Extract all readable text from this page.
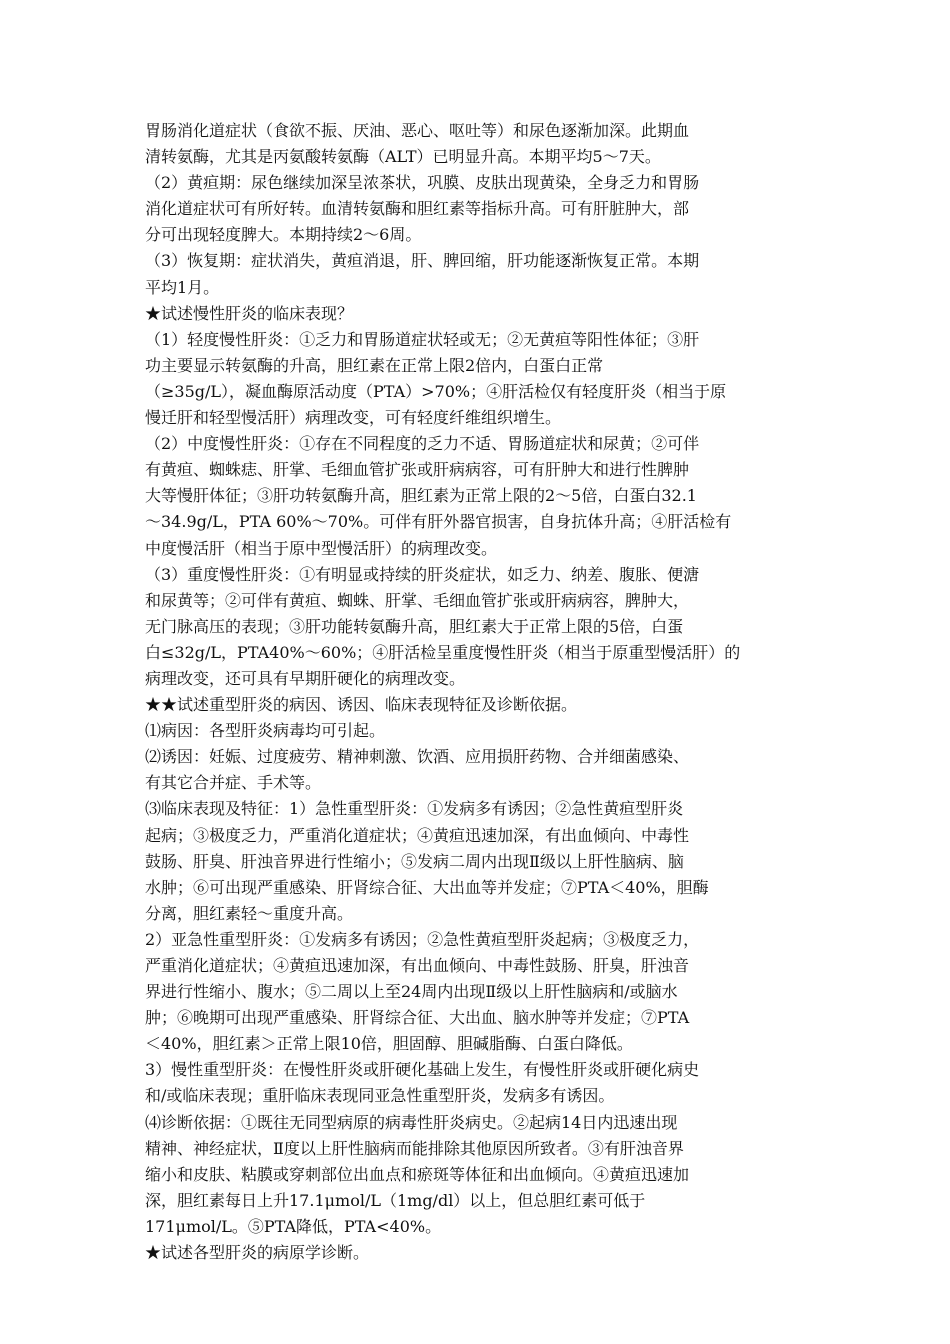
胃肠消化道症状（食欲不振、厌油、恶心、呕吐等）和尿色逐渐加深。此期血
清转氨酶，尤其是丙氨酸转氨酶（ALT）已明显升高。本期平均5～7天。
（2）黄疸期：尿色继续加深呈浓茶状，巩膜、皮肤出现黄染，全身乏力和胃肠
消化道症状可有所好转。血清转氨酶和胆红素等指标升高。可有肝脏肿大，部
分可出现轻度脾大。本期持续2～6周。
（3）恢复期：症状消失，黄疸消退，肝、脾回缩，肝功能逐渐恢复正常。本期
平均1月。
★试述慢性肝炎的临床表现？
（1）轻度慢性肝炎：①乏力和胃肠道症状轻或无；②无黄疸等阳性体征；③肝
功主要显示转氨酶的升高，胆红素在正常上限2倍内，白蛋白正常
（≥35g/L），凝血酶原活动度（PTA）>70%；④肝活检仅有轻度肝炎（相当于原
慢迁肝和轻型慢活肝）病理改变，可有轻度纤维组织增生。
（2）中度慢性肝炎：①存在不同程度的乏力不适、胃肠道症状和尿黄；②可伴
有黄疸、蜘蛛痣、肝掌、毛细血管扩张或肝病病容，可有肝肿大和进行性脾肿
大等慢肝体征；③肝功转氨酶升高，胆红素为正常上限的2～5倍，白蛋白32.1
～34.9g/L，PTA 60%～70%。可伴有肝外器官损害，自身抗体升高；④肝活检有
中度慢活肝（相当于原中型慢活肝）的病理改变。
（3）重度慢性肝炎：①有明显或持续的肝炎症状，如乏力、纳差、腹胀、便溏
和尿黄等；②可伴有黄疸、蜘蛛、肝掌、毛细血管扩张或肝病病容，脾肿大，
无门脉高压的表现；③肝功能转氨酶升高，胆红素大于正常上限的5倍，白蛋
白≤32g/L，PTA40%～60%；④肝活检呈重度慢性肝炎（相当于原重型慢活肝）的
病理改变，还可具有早期肝硬化的病理改变。
★★试述重型肝炎的病因、诱因、临床表现特征及诊断依据。
⑴病因：各型肝炎病毒均可引起。
⑵诱因：妊娠、过度疲劳、精神刺激、饮酒、应用损肝药物、合并细菌感染、
有其它合并症、手术等。
⑶临床表现及特征：1）急性重型肝炎：①发病多有诱因；②急性黄疸型肝炎
起病；③极度乏力，严重消化道症状；④黄疸迅速加深，有出血倾向、中毒性
鼓肠、肝臭、肝浊音界进行性缩小；⑤发病二周内出现Ⅱ级以上肝性脑病、脑
水肿；⑥可出现严重感染、肝肾综合征、大出血等并发症；⑦PTA＜40%，胆酶
分离，胆红素轻～重度升高。
2）亚急性重型肝炎：①发病多有诱因；②急性黄疸型肝炎起病；③极度乏力，
严重消化道症状；④黄疸迅速加深，有出血倾向、中毒性鼓肠、肝臭，肝浊音
界进行性缩小、腹水；⑤二周以上至24周内出现Ⅱ级以上肝性脑病和/或脑水
肿；⑥晚期可出现严重感染、肝肾综合征、大出血、脑水肿等并发症；⑦PTA
＜40%，胆红素＞正常上限10倍，胆固醇、胆碱脂酶、白蛋白降低。
3）慢性重型肝炎：在慢性肝炎或肝硬化基础上发生，有慢性肝炎或肝硬化病史
和/或临床表现；重肝临床表现同亚急性重型肝炎，发病多有诱因。
⑷诊断依据：①既往无同型病原的病毒性肝炎病史。②起病14日内迅速出现
精神、神经症状，Ⅱ度以上肝性脑病而能排除其他原因所致者。③有肝浊音界
缩小和皮肤、粘膜或穿刺部位出血点和瘀斑等体征和出血倾向。④黄疸迅速加
深，胆红素每日上升17.1μmol/L（1mg/dl）以上，但总胆红素可低于
171μmol/L。⑤PTA降低，PTA<40%。
★试述各型肝炎的病原学诊断。
